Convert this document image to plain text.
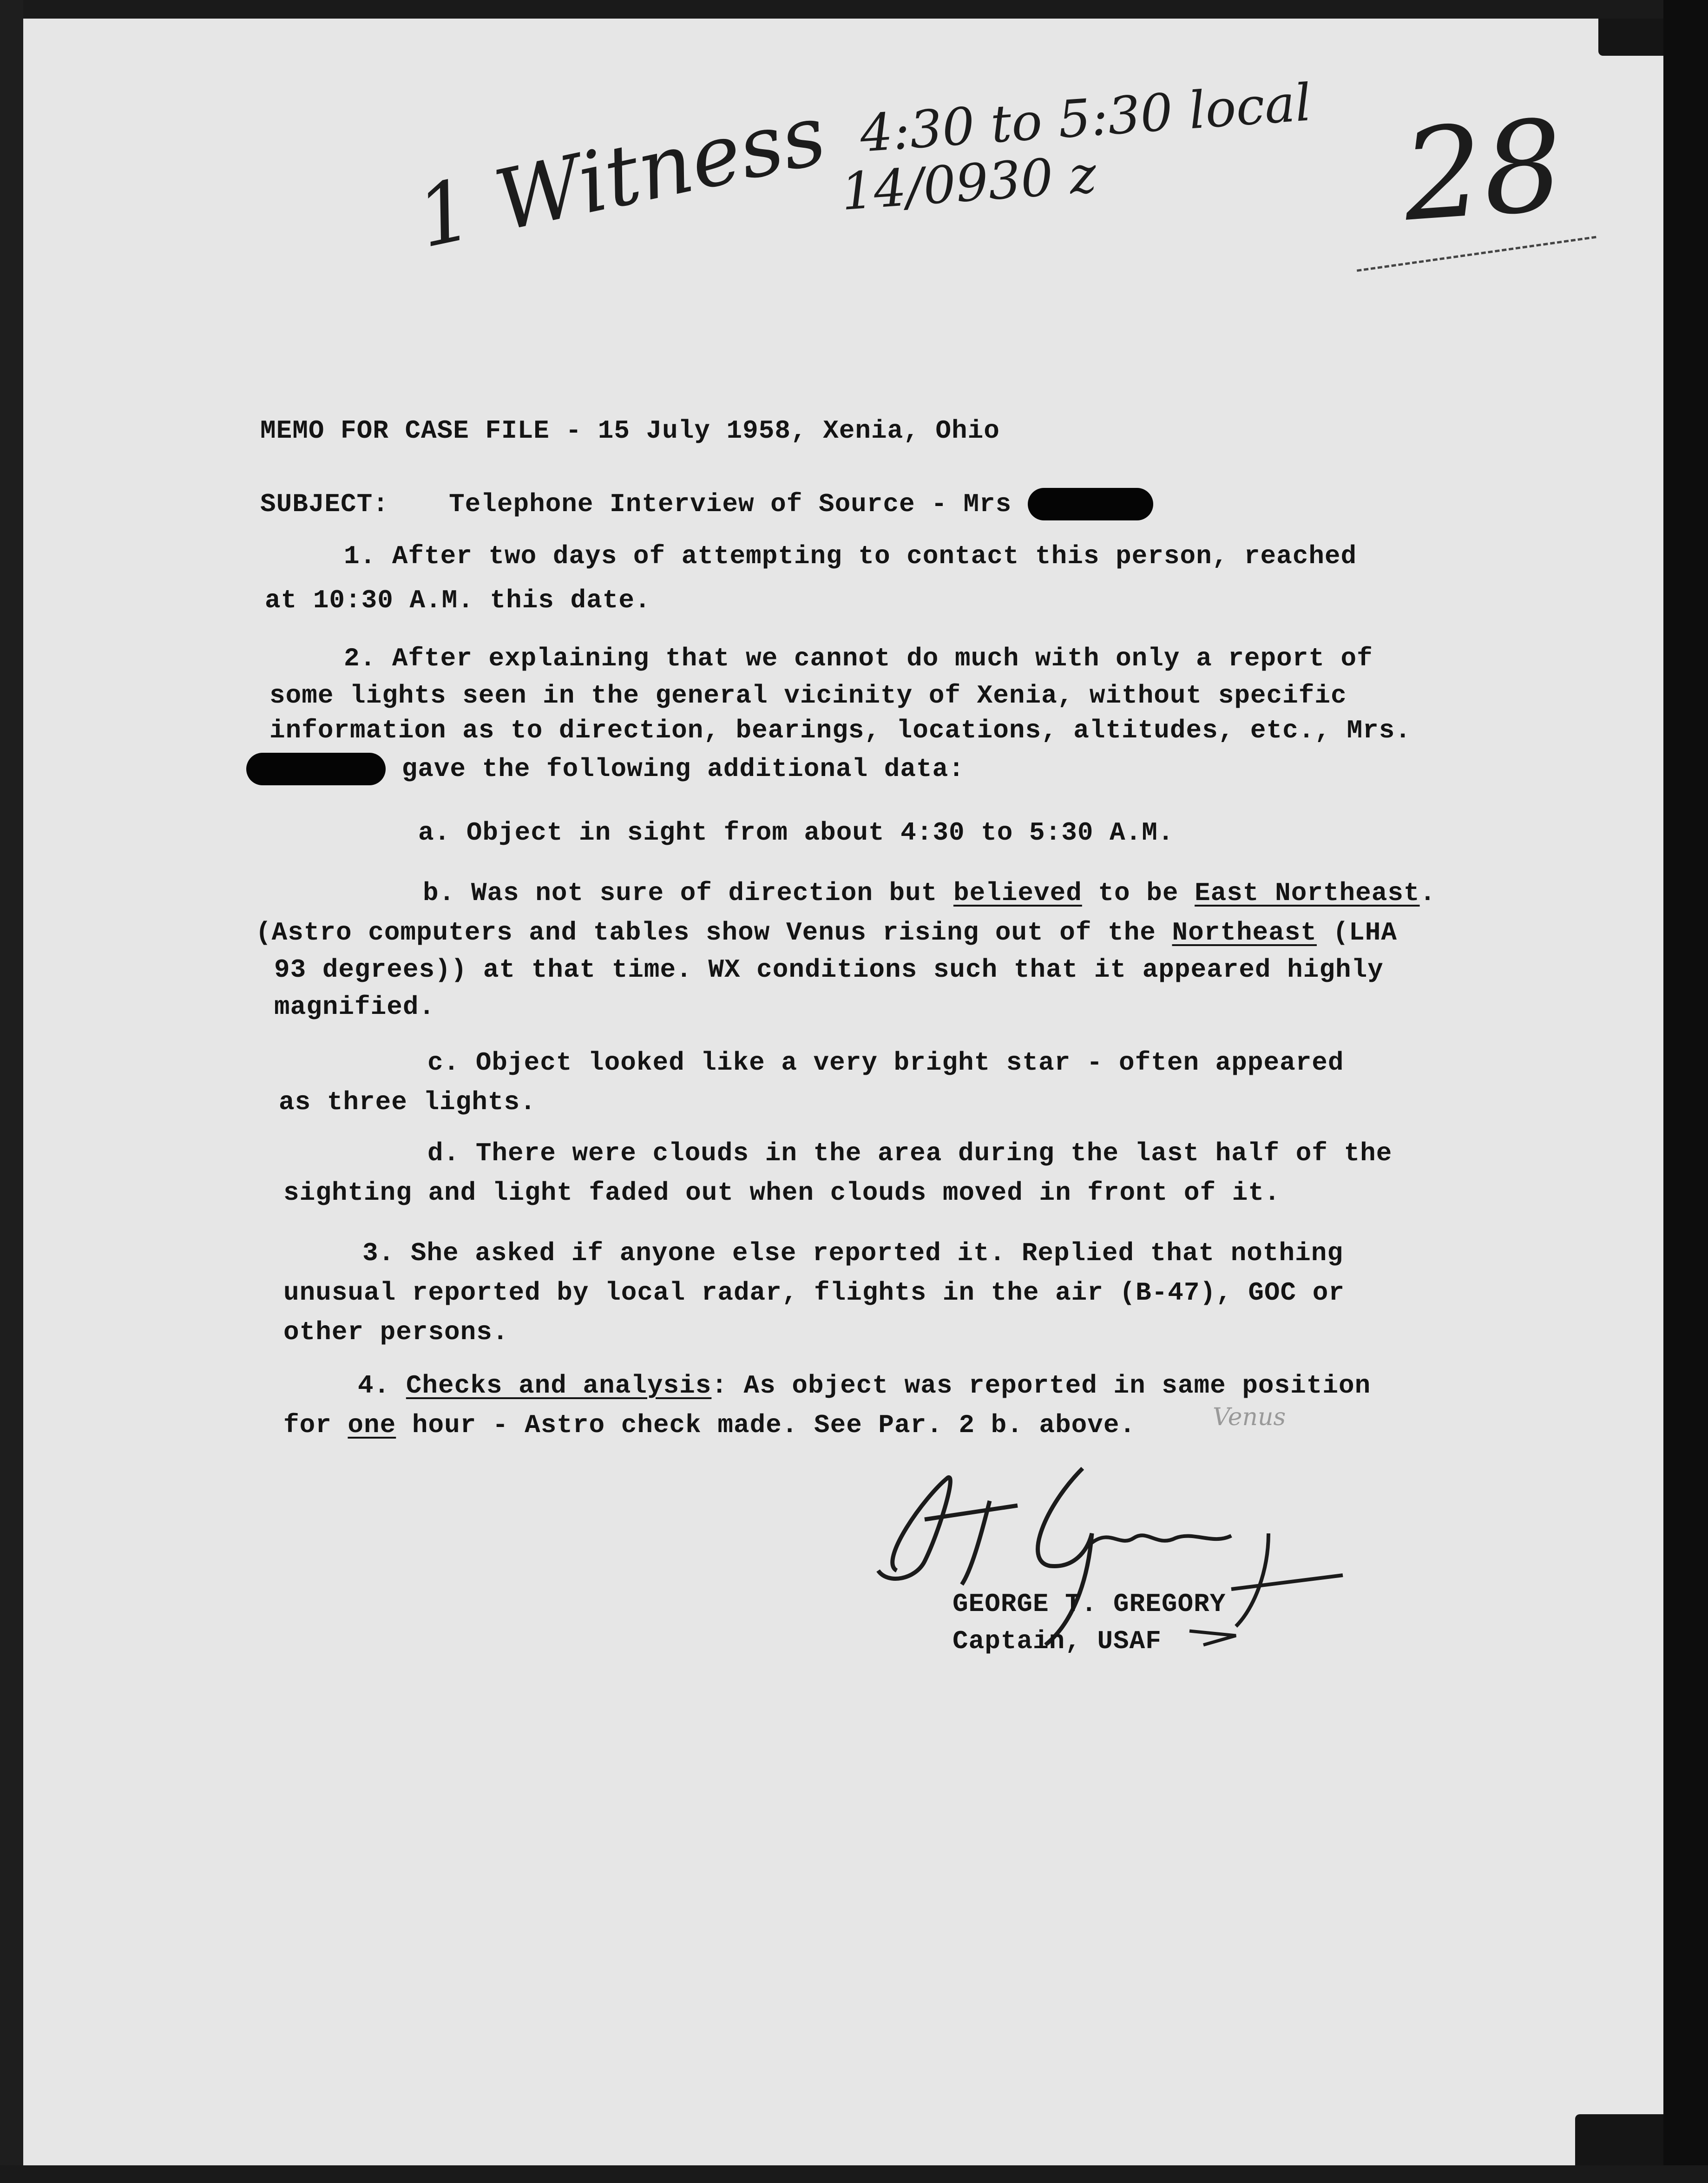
1 Witness 4:30 to 5:30 local
14/0930 z 28
MEMO FOR CASE FILE - 15 July 1958, Xenia, Ohio
SUBJECT: Telephone Interview of Source - Mrs
1. After two days of attempting to contact this person, reached
at 10:30 A.M. this date.
2. After explaining that we cannot do much with only a report of
some lights seen in the general vicinity of Xenia, without specific
information as to direction, bearings, locations, altitudes, etc., Mrs.
gave the following additional data:
a. Object in sight from about 4:30 to 5:30 A.M.
b. Was not sure of direction but believed to be East Northeast.
(Astro computers and tables show Venus rising out of the Northeast (LHA
93 degrees)) at that time. WX conditions such that it appeared highly
magnified.
c. Object looked like a very bright star - often appeared
as three lights.
d. There were clouds in the area during the last half of the
sighting and light faded out when clouds moved in front of it.
3. She asked if anyone else reported it. Replied that nothing
unusual reported by local radar, flights in the air (B-47), GOC or
other persons.
4. Checks and analysis: As object was reported in same position
for one hour - Astro check made. See Par. 2 b. above.	Venus
GEORGE T. GREGORY
Captain, USAF
